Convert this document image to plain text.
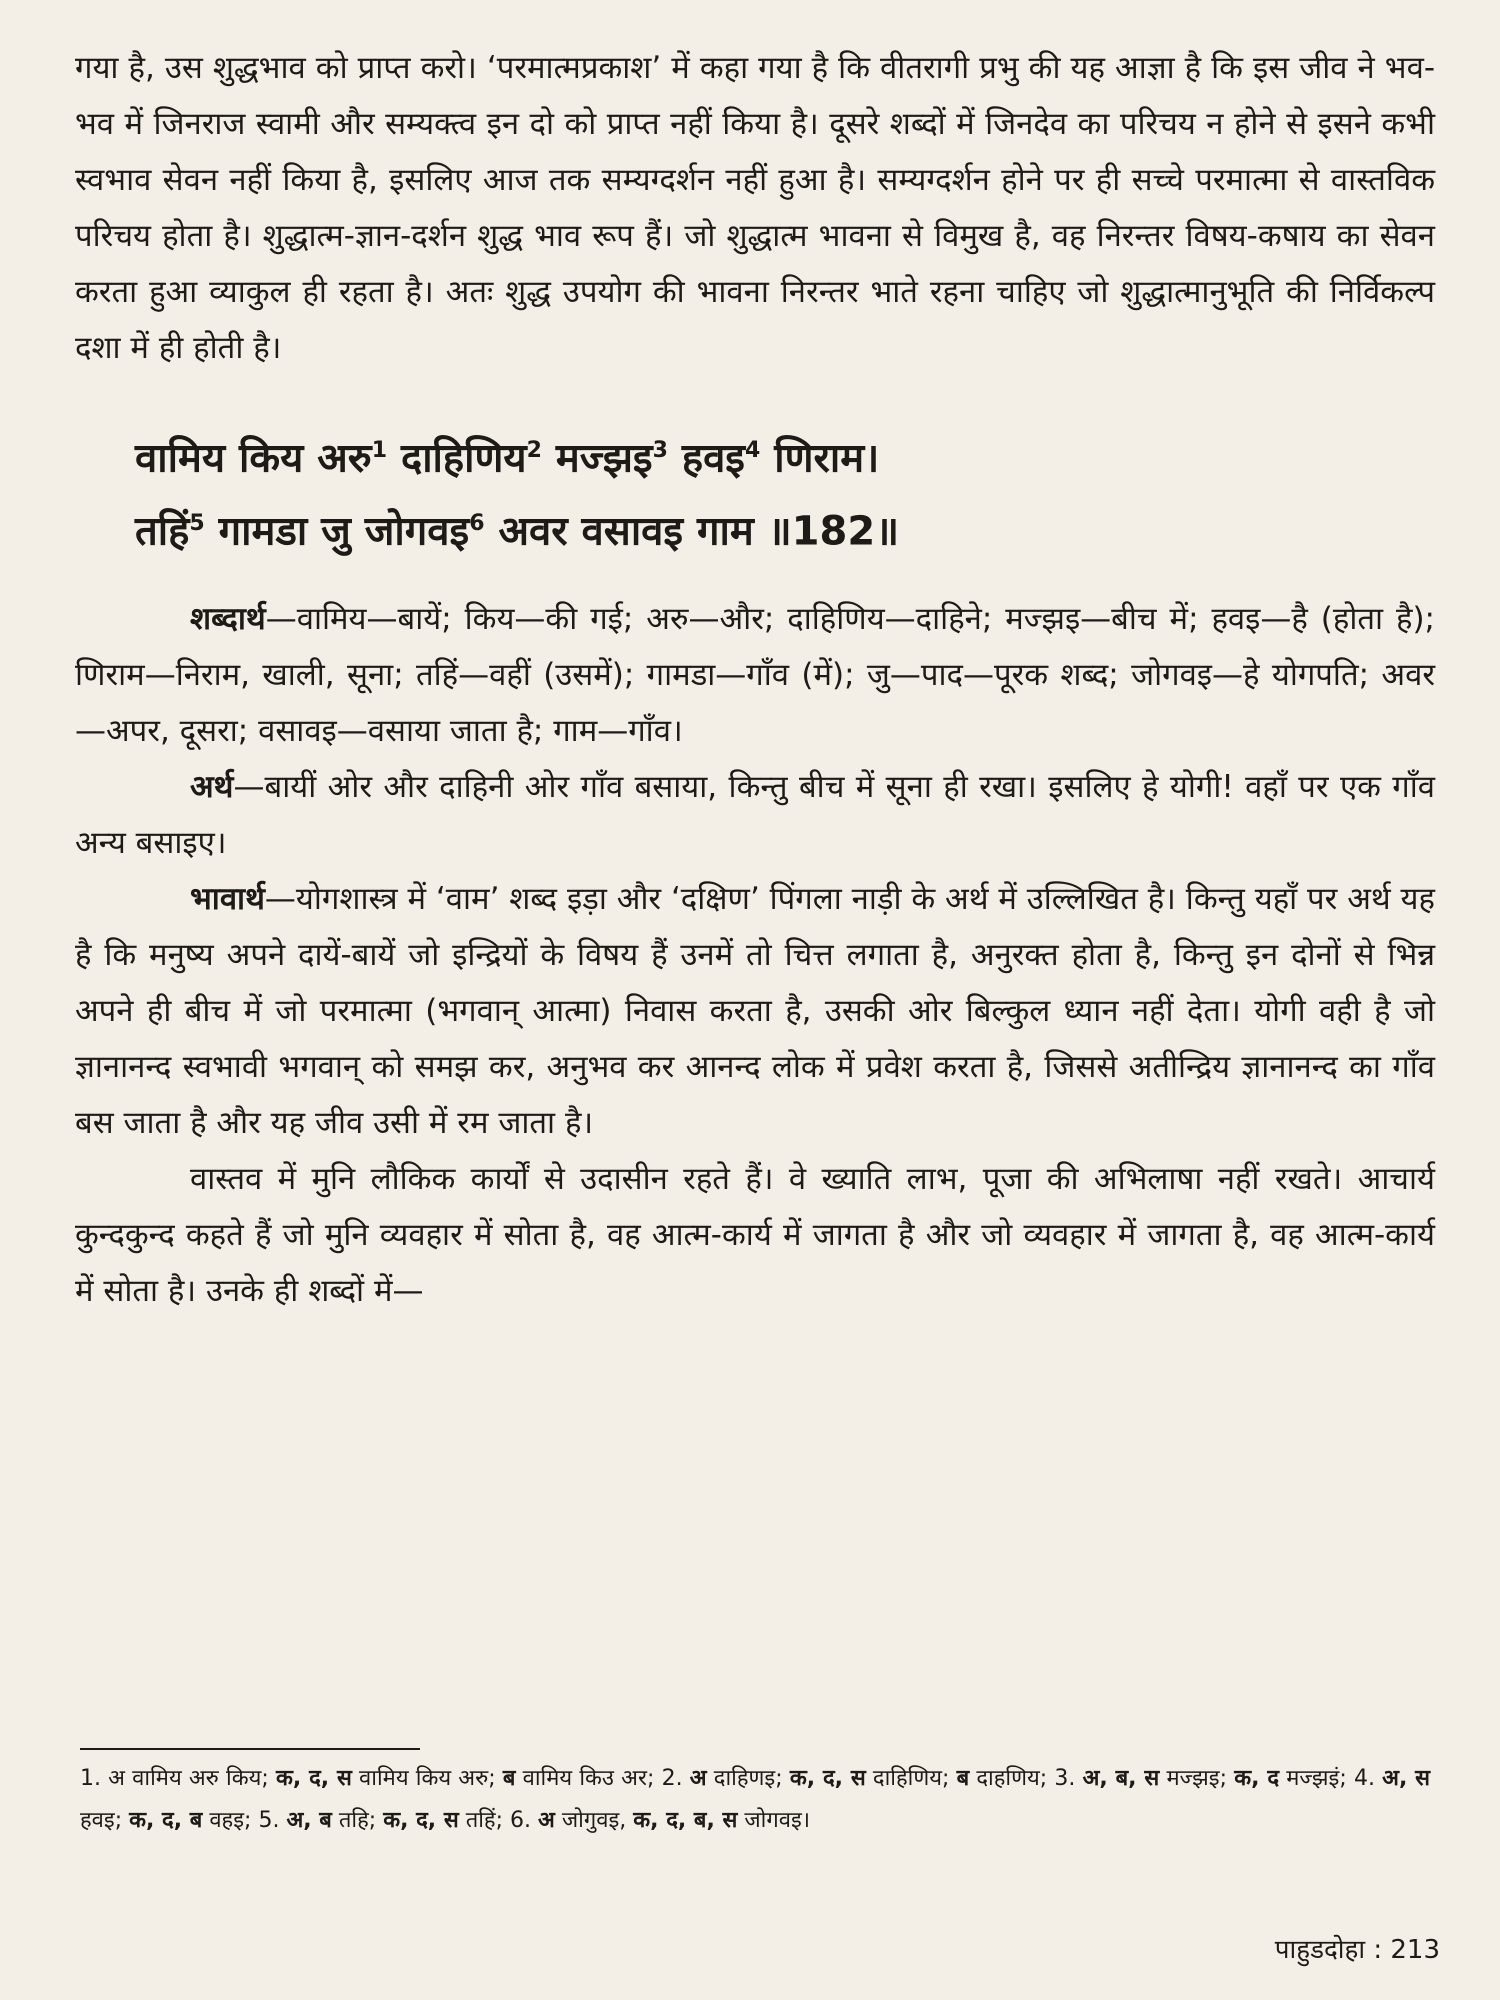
गया है, उस शुद्धभाव को प्राप्त करो। ‘परमात्मप्रकाश’ में कहा गया है कि वीतरागी प्रभु की यह आज्ञा है कि इस जीव ने भव-भव में जिनराज स्वामी और सम्यक्त्व इन दो को प्राप्त नहीं किया है। दूसरे शब्दों में जिनदेव का परिचय न होने से इसने कभी स्वभाव सेवन नहीं किया है, इसलिए आज तक सम्यग्दर्शन नहीं हुआ है। सम्यग्दर्शन होने पर ही सच्चे परमात्मा से वास्तविक परिचय होता है। शुद्धात्म-ज्ञान-दर्शन शुद्ध भाव रूप हैं। जो शुद्धात्म भावना से विमुख है, वह निरन्तर विषय-कषाय का सेवन करता हुआ व्याकुल ही रहता है। अतः शुद्ध उपयोग की भावना निरन्तर भाते रहना चाहिए जो शुद्धात्मानुभूति की निर्विकल्प दशा में ही होती है।

वामिय किय अरु$^1$ दाहिणिय$^2$ मज्झइ$^3$ हवइ$^4$ णिराम।
तहिं$^5$ गामडा जु जोगवइ$^6$ अवर वसावइ गाम ॥182॥

शब्दार्थ—वामिय—बायें; किय—की गई; अरु—और; दाहिणिय—दाहिने; मज्झइ—बीच में; हवइ—है (होता है); णिराम—निराम, खाली, सूना; तहिं—वहीं (उसमें); गामडा—गाँव (में); जु—पाद—पूरक शब्द; जोगवइ—हे योगपति; अवर—अपर, दूसरा; वसावइ—वसाया जाता है; गाम—गाँव।

अर्थ—बायीं ओर और दाहिनी ओर गाँव बसाया, किन्तु बीच में सूना ही रखा। इसलिए हे योगी! वहाँ पर एक गाँव अन्य बसाइए।

भावार्थ—योगशास्त्र में ‘वाम’ शब्द इड़ा और ‘दक्षिण’ पिंगला नाड़ी के अर्थ में उल्लिखित है। किन्तु यहाँ पर अर्थ यह है कि मनुष्य अपने दायें-बायें जो इन्द्रियों के विषय हैं उनमें तो चित्त लगाता है, अनुरक्त होता है, किन्तु इन दोनों से भिन्न अपने ही बीच में जो परमात्मा (भगवान् आत्मा) निवास करता है, उसकी ओर बिल्कुल ध्यान नहीं देता। योगी वही है जो ज्ञानानन्द स्वभावी भगवान् को समझ कर, अनुभव कर आनन्द लोक में प्रवेश करता है, जिससे अतीन्द्रिय ज्ञानानन्द का गाँव बस जाता है और यह जीव उसी में रम जाता है।

वास्तव में मुनि लौकिक कार्यों से उदासीन रहते हैं। वे ख्याति लाभ, पूजा की अभिलाषा नहीं रखते। आचार्य कुन्दकुन्द कहते हैं जो मुनि व्यवहार में सोता है, वह आत्म-कार्य में जागता है और जो व्यवहार में जागता है, वह आत्म-कार्य में सोता है। उनके ही शब्दों में—

1. अ वामिय अरु किय; क, द, स वामिय किय अरु; ब वामिय किउ अर; 2. अ दाहिणइ; क, द, स दाहिणिय; ब दाहणिय; 3. अ, ब, स मज्झइ; क, द मज्झइं; 4. अ, स हवइ; क, द, ब वहइ; 5. अ, ब तहि; क, द, स तहिं; 6. अ जोगुवइ, क, द, ब, स जोगवइ।
पाहुडदोहा : 213
